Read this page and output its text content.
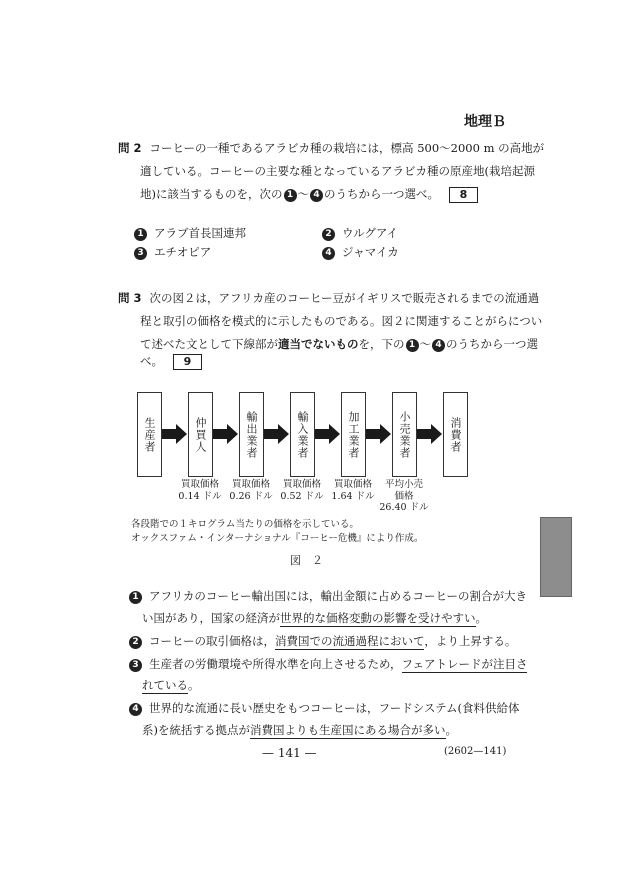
地理Ｂ
問 2 コーヒーの一種であるアラビカ種の栽培には，標高 500〜2000 m の高地が
適している。コーヒーの主要な種となっているアラビカ種の原産地(栽培起源
地)に該当するものを，次の 1 〜 4 のうちから一つ選べ。 8
1 アラブ首長国連邦	2 ウルグアイ
3 エチオピア	4 ジャマイカ
問 3 次の図２は，アフリカ産のコーヒー豆がイギリスで販売されるまでの流通過
程と取引の価格を模式的に示したものである。図２に関連することがらについ
て述べた文として下線部が適当でないものを，下の 1 〜 4 のうちから一つ選
べ。 9
生産者	仲買人	輸出業者	輸入業者	加工業者	小売業者	消費者
買取価格
0.14 ドル
買取価格
0.26 ドル
買取価格
0.52 ドル
買取価格
1.64 ドル
平均小売
価格
26.40 ドル
各段階での１キログラム当たりの価格を示している。
オックスファム・インターナショナル『コーヒー危機』により作成。
図　２
1 アフリカのコーヒー輸出国には，輸出金額に占めるコーヒーの割合が大き
い国があり，国家の経済が世界的な価格変動の影響を受けやすい。
2 コーヒーの取引価格は，消費国での流通過程において，より上昇する。
3 生産者の労働環境や所得水準を向上させるため，フェアトレードが注目さ
れている。
4 世界的な流通に長い歴史をもつコーヒーは，フードシステム(食料供給体
系)を統括する拠点が消費国よりも生産国にある場合が多い。
— 141 —	(2602—141)
